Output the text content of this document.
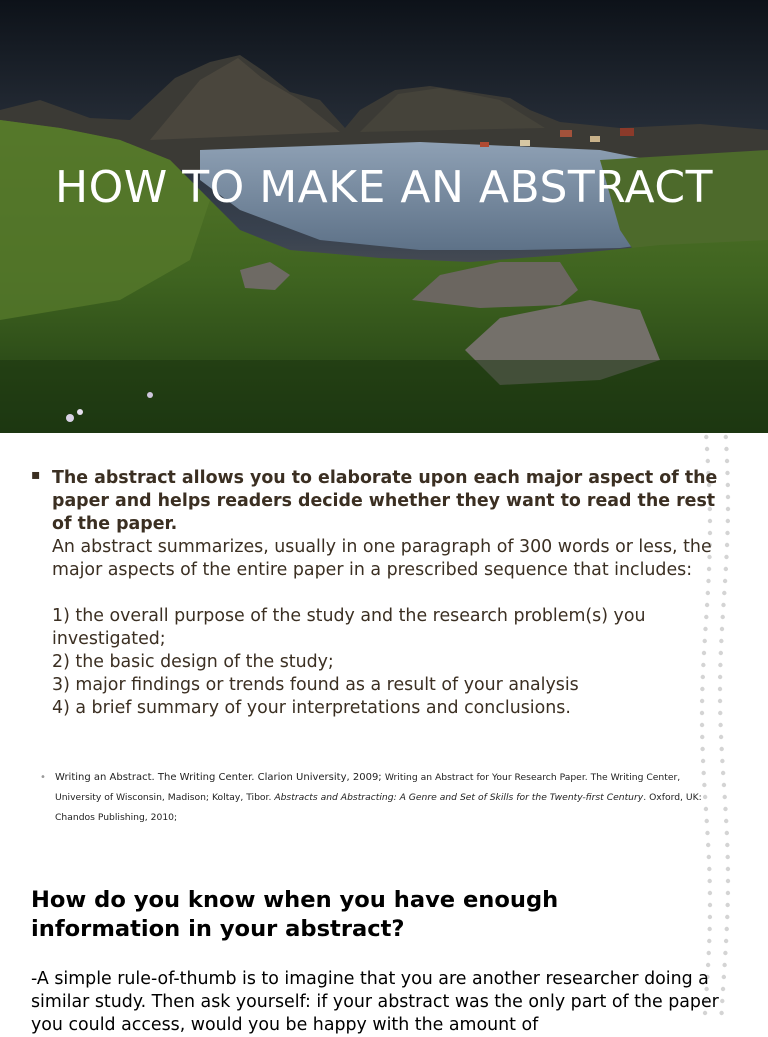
HOW TO MAKE AN ABSTRACT
▪ The abstract allows you to elaborate upon each major aspect of the paper and helps readers decide whether they want to read the rest of the paper.
An abstract summarizes, usually in one paragraph of 300 words or less, the major aspects of the entire paper in a prescribed sequence that includes:
1) the overall purpose of the study and the research problem(s) you investigated;
2) the basic design of the study;
3) major findings or trends found as a result of your analysis
4) a brief summary of your interpretations and conclusions.
• Writing an Abstract. The Writing Center. Clarion University, 2009; Writing an Abstract for Your Research Paper. The Writing Center, University of Wisconsin, Madison; Koltay, Tibor. Abstracts and Abstracting: A Genre and Set of Skills for the Twenty-first Century. Oxford, UK: Chandos Publishing, 2010;

How do you know when you have enough information in your abstract?

-A simple rule-of-thumb is to imagine that you are another researcher doing a similar study. Then ask yourself: if your abstract was the only part of the paper you could access, would you be happy with the amount of
